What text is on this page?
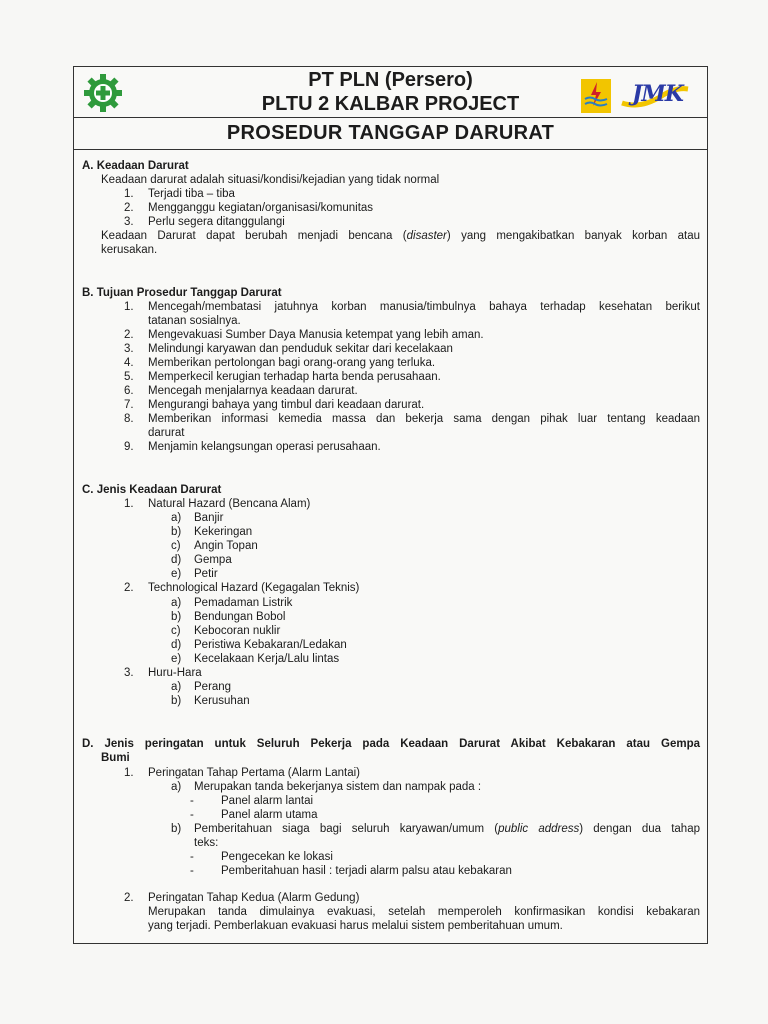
PT PLN (Persero)
PLTU 2 KALBAR PROJECT	JMK
PROSEDUR TANGGAP DARURAT
A. Keadaan Darurat
Keadaan darurat adalah situasi/kondisi/kejadian yang tidak normal
1. Terjadi tiba – tiba
2. Mengganggu kegiatan/organisasi/komunitas
3. Perlu segera ditanggulangi
Keadaan Darurat dapat berubah menjadi bencana (disaster) yang mengakibatkan banyak korban atau
kerusakan.
B. Tujuan Prosedur Tanggap Darurat
1. Mencegah/membatasi jatuhnya korban manusia/timbulnya bahaya terhadap kesehatan berikut
tatanan sosialnya.
2. Mengevakuasi Sumber Daya Manusia ketempat yang lebih aman.
3. Melindungi karyawan dan penduduk sekitar dari kecelakaan
4. Memberikan pertolongan bagi orang-orang yang terluka.
5. Memperkecil kerugian terhadap harta benda perusahaan.
6. Mencegah menjalarnya keadaan darurat.
7. Mengurangi bahaya yang timbul dari keadaan darurat.
8. Memberikan informasi kemedia massa dan bekerja sama dengan pihak luar tentang keadaan
darurat
9. Menjamin kelangsungan operasi perusahaan.
C. Jenis Keadaan Darurat
1. Natural Hazard (Bencana Alam)
a) Banjir
b) Kekeringan
c) Angin Topan
d) Gempa
e) Petir
2. Technological Hazard (Kegagalan Teknis)
a) Pemadaman Listrik
b) Bendungan Bobol
c) Kebocoran nuklir
d) Peristiwa Kebakaran/Ledakan
e) Kecelakaan Kerja/Lalu lintas
3. Huru-Hara
a) Perang
b) Kerusuhan
D. Jenis peringatan untuk Seluruh Pekerja pada Keadaan Darurat Akibat Kebakaran atau Gempa
Bumi
1. Peringatan Tahap Pertama (Alarm Lantai)
a) Merupakan tanda bekerjanya sistem dan nampak pada :
- Panel alarm lantai
- Panel alarm utama
b) Pemberitahuan siaga bagi seluruh karyawan/umum (public address) dengan dua tahap
teks:
- Pengecekan ke lokasi
- Pemberitahuan hasil : terjadi alarm palsu atau kebakaran
2. Peringatan Tahap Kedua (Alarm Gedung)
Merupakan tanda dimulainya evakuasi, setelah memperoleh konfirmasikan kondisi kebakaran
yang terjadi. Pemberlakuan evakuasi harus melalui sistem pemberitahuan umum.
